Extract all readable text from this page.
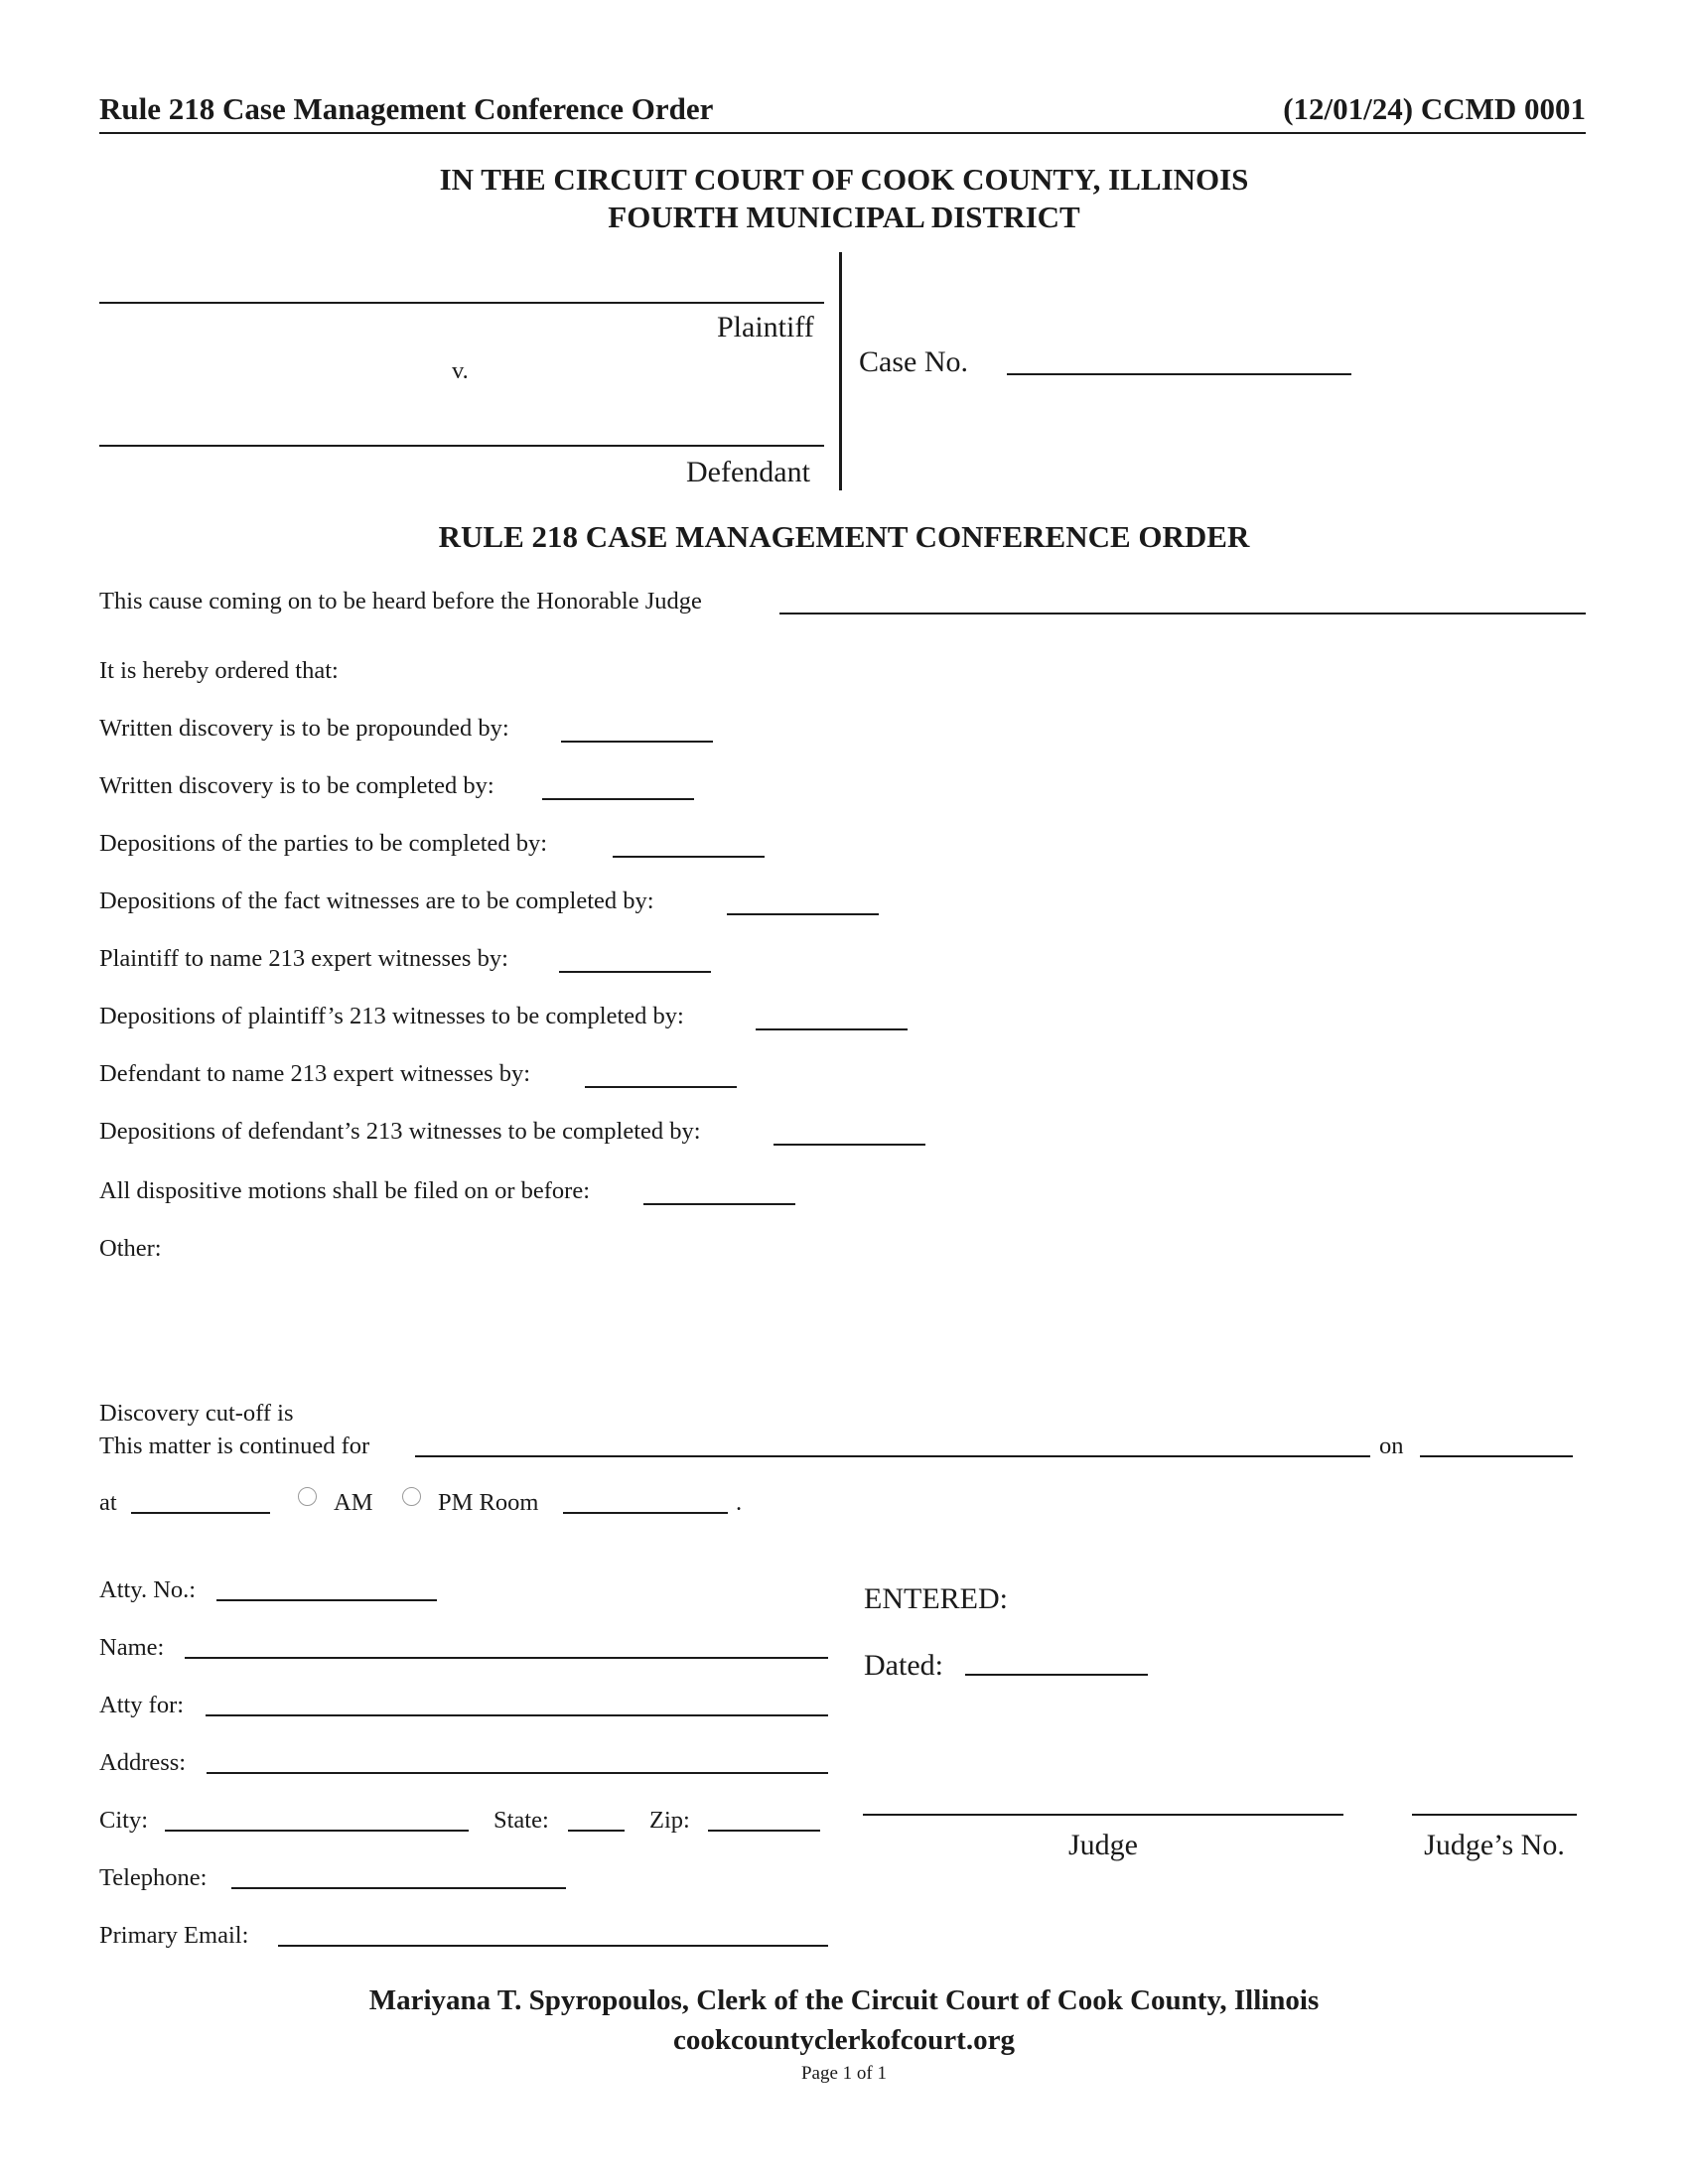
Rule 218 Case Management Conference Order	(12/01/24) CCMD 0001
IN THE CIRCUIT COURT OF COOK COUNTY, ILLINOIS
FOURTH MUNICIPAL DISTRICT
Plaintiff
v.
Defendant
Case No.
RULE 218 CASE MANAGEMENT CONFERENCE ORDER
This cause coming on to be heard before the Honorable Judge
It is hereby ordered that:
Written discovery is to be propounded by:
Written discovery is to be completed by:
Depositions of the parties to be completed by:
Depositions of the fact witnesses are to be completed by:
Plaintiff to name 213 expert witnesses by:
Depositions of plaintiff’s 213 witnesses to be completed by:
Defendant to name 213 expert witnesses by:
Depositions of defendant’s 213 witnesses to be completed by:
All dispositive motions shall be filed on or before:
Other:
Discovery cut-off is
This matter is continued for	on
at	AM	PM Room	.
Atty. No.:
Name:
Atty for:
Address:
City:	State:	Zip:
Telephone:
Primary Email:
ENTERED:
Dated:
Judge	Judge’s No.
Mariyana T. Spyropoulos, Clerk of the Circuit Court of Cook County, Illinois
cookcountyclerkofcourt.org
Page 1 of 1
